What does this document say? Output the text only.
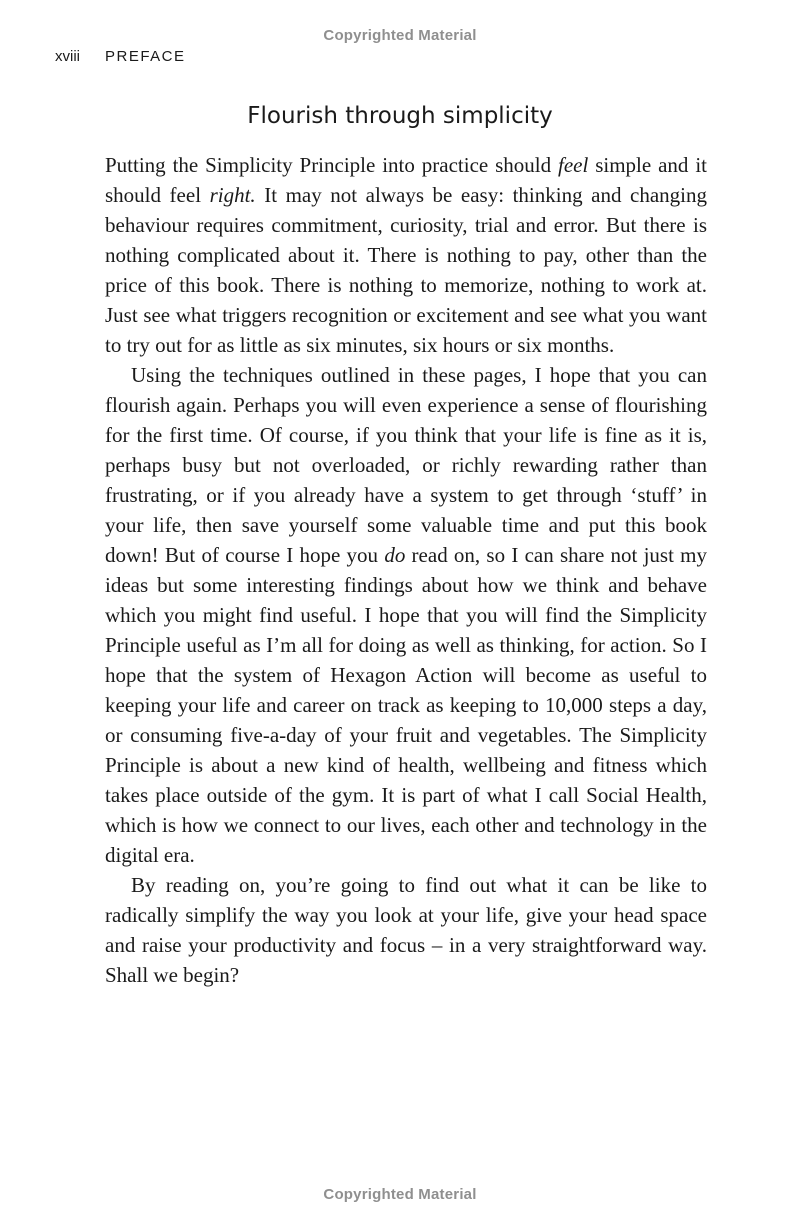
Copyrighted Material
xviii PREFACE
Flourish through simplicity

Putting the Simplicity Principle into practice should feel simple and it should feel right. It may not always be easy: thinking and changing behaviour requires commitment, curiosity, trial and error. But there is nothing complicated about it. There is nothing to pay, other than the price of this book. There is nothing to memorize, nothing to work at. Just see what triggers recognition or excitement and see what you want to try out for as little as six minutes, six hours or six months.

Using the techniques outlined in these pages, I hope that you can flourish again. Perhaps you will even experience a sense of flourishing for the first time. Of course, if you think that your life is fine as it is, perhaps busy but not overloaded, or richly rewarding rather than frustrating, or if you already have a system to get through ‘stuff’ in your life, then save yourself some valuable time and put this book down! But of course I hope you do read on, so I can share not just my ideas but some interesting findings about how we think and behave which you might find useful. I hope that you will find the Simplicity Principle useful as I’m all for doing as well as thinking, for action. So I hope that the system of Hexagon Action will become as useful to keeping your life and career on track as keeping to 10,000 steps a day, or consuming five-a-day of your fruit and vegetables. The Simplicity Principle is about a new kind of health, wellbeing and fitness which takes place outside of the gym. It is part of what I call Social Health, which is how we connect to our lives, each other and technology in the digital era.

By reading on, you’re going to find out what it can be like to radically simplify the way you look at your life, give your head space and raise your productivity and focus – in a very straightforward way. Shall we begin?

Copyrighted Material
